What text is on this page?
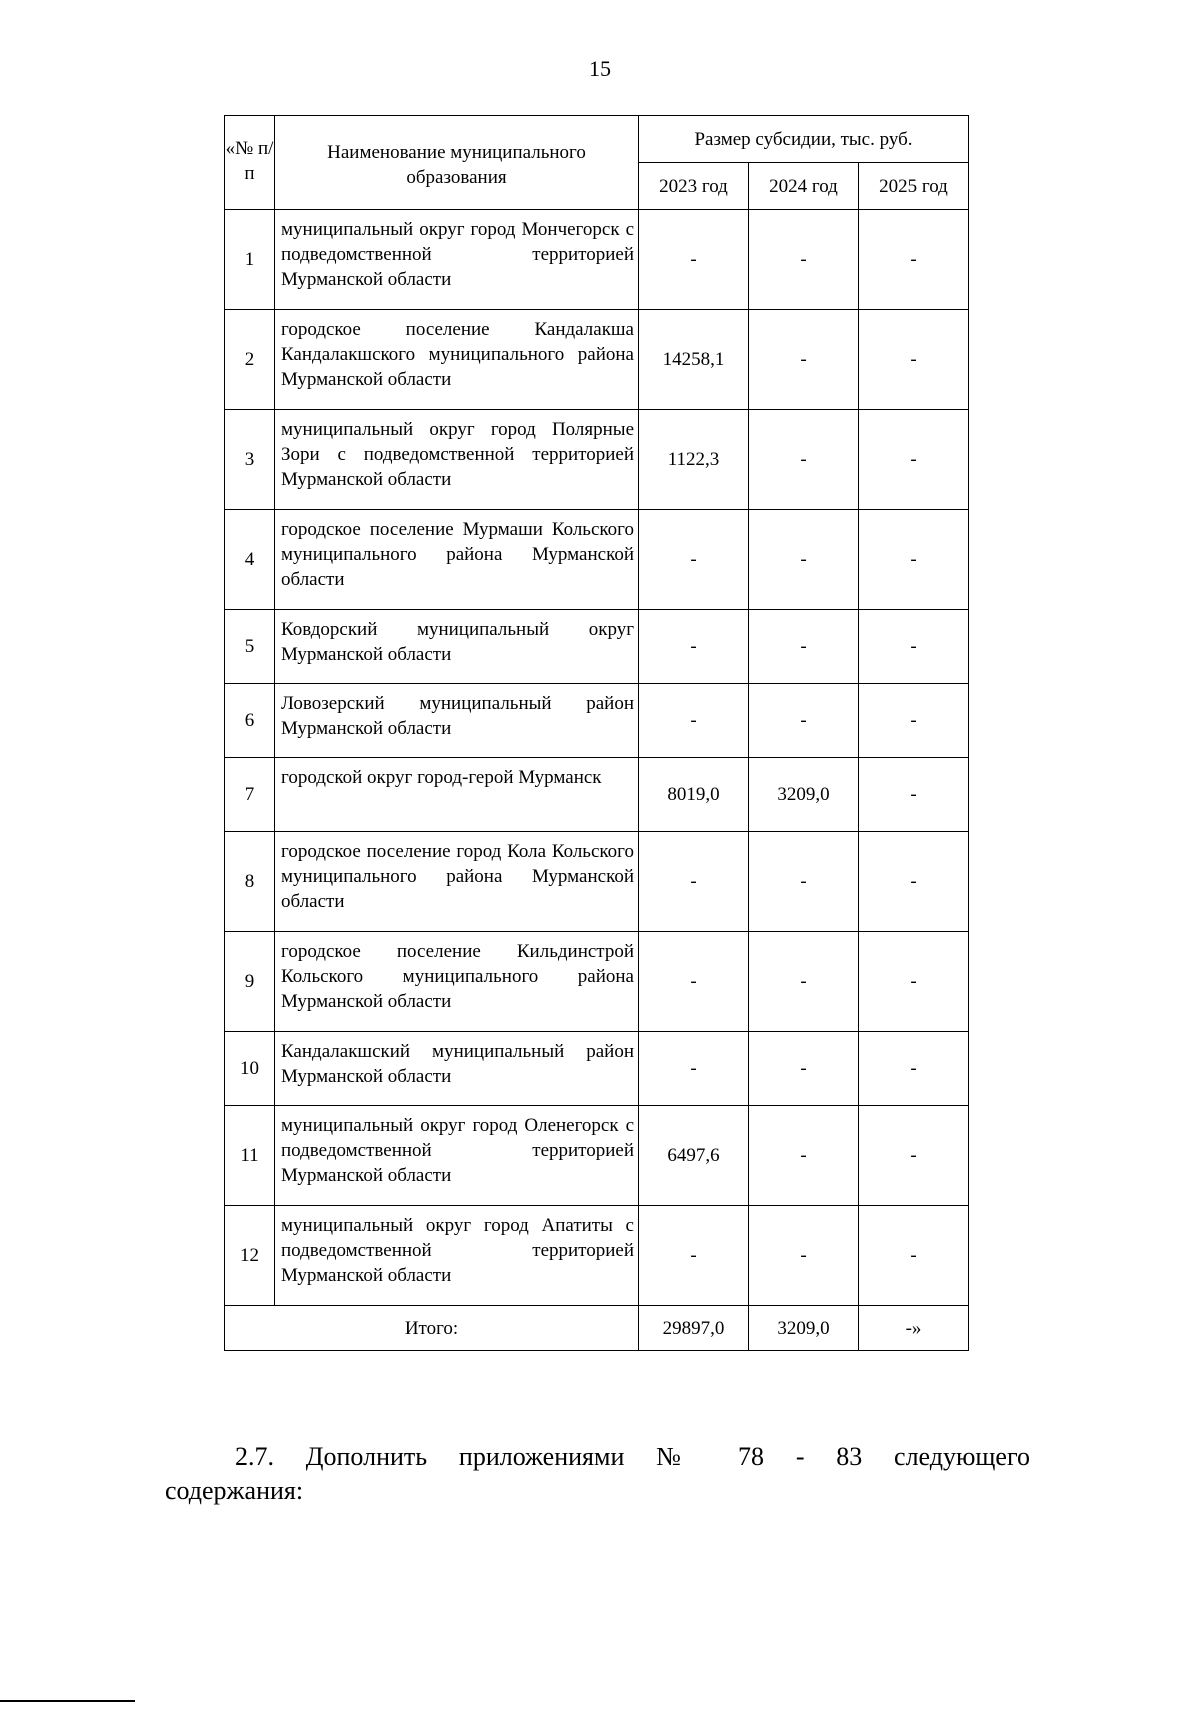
15
«№ п/п	Наименование муниципального образования	Размер субсидии, тыс. руб.		
		2023 год	2024 год	2025 год
1	муниципальный округ город Мончегорск с подведомственной территорией Мурманской области	-	-	-
2	городское поселение Кандалакша Кандалакшского муниципального района Мурманской области	14258,1	-	-
3	муниципальный округ город Полярные Зори с подведомственной территорией Мурманской области	1122,3	-	-
4	городское поселение Мурмаши Кольского муниципального района Мурманской области	-	-	-
5	Ковдорский муниципальный округ Мурманской области	-	-	-
6	Ловозерский муниципальный район Мурманской области	-	-	-
7	городской округ город-герой Мурманск	8019,0	3209,0	-
8	городское поселение город Кола Кольского муниципального района Мурманской области	-	-	-
9	городское поселение Кильдинстрой Кольского муниципального района Мурманской области	-	-	-
10	Кандалакшский муниципальный район Мурманской области	-	-	-
11	муниципальный округ город Оленегорск с подведомственной территорией Мурманской области	6497,6	-	-
12	муниципальный округ город Апатиты с подведомственной территорией Мурманской области	-	-	-
Итого:		29897,0	3209,0	-»
2.7. Дополнить приложениями № 78 - 83 следующего
содержания:
